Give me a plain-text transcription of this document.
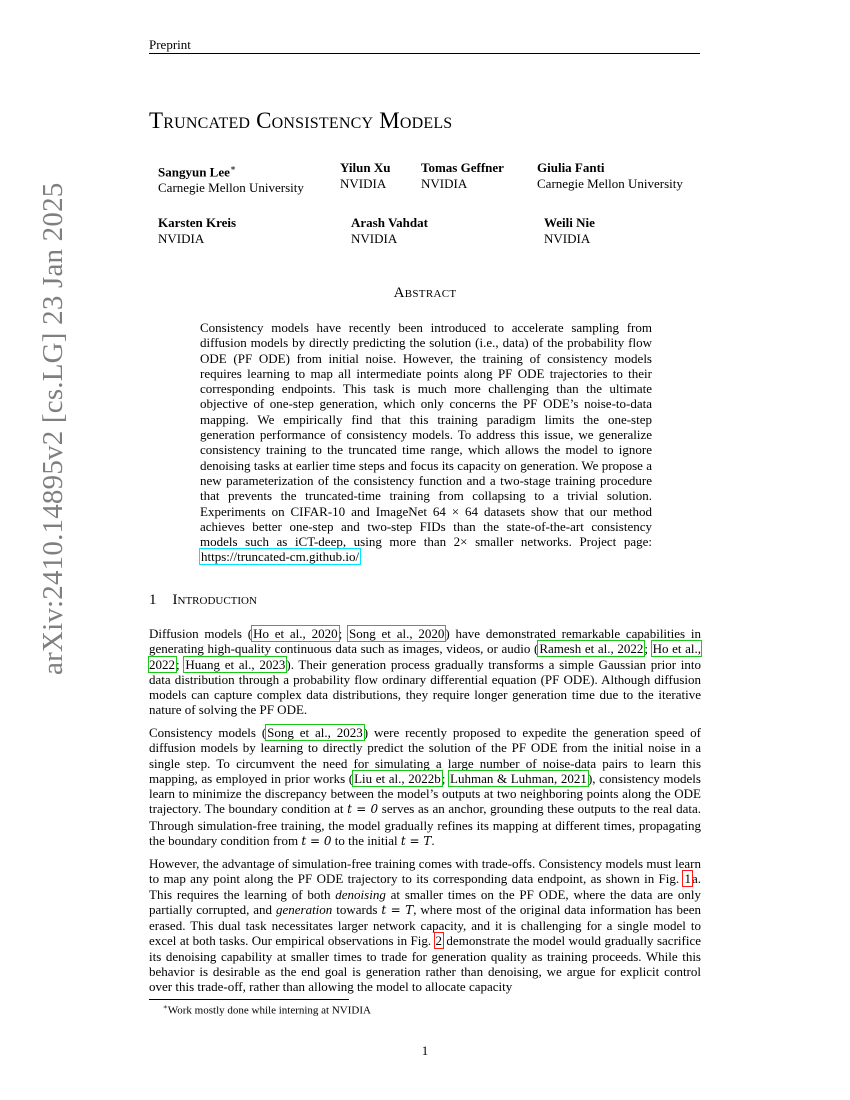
Preprint
Truncated Consistency Models
Sangyun Lee∗
Carnegie Mellon University
Yilun Xu
NVIDIA
Tomas Geffner
NVIDIA
Giulia Fanti
Carnegie Mellon University
Karsten Kreis
NVIDIA
Arash Vahdat
NVIDIA
Weili Nie
NVIDIA
Abstract
Consistency models have recently been introduced to accelerate sampling from diffusion models by directly predicting the solution (i.e., data) of the probability flow ODE (PF ODE) from initial noise. However, the training of consistency models requires learning to map all intermediate points along PF ODE trajectories to their corresponding endpoints. This task is much more challenging than the ultimate objective of one-step generation, which only concerns the PF ODE’s noise-to-data mapping. We empirically find that this training paradigm limits the one-step generation performance of consistency models. To address this issue, we generalize consistency training to the truncated time range, which allows the model to ignore denoising tasks at earlier time steps and focus its capacity on generation. We propose a new parameterization of the consistency function and a two-stage training procedure that prevents the truncated-time training from collapsing to a trivial solution. Experiments on CIFAR-10 and ImageNet 64 × 64 datasets show that our method achieves better one-step and two-step FIDs than the state-of-the-art consistency models such as iCT-deep, using more than 2× smaller networks. Project page: https://truncated-cm.github.io/
1 Introduction
Diffusion models (Ho et al., 2020; Song et al., 2020) have demonstrated remarkable capabilities in generating high-quality continuous data such as images, videos, or audio (Ramesh et al., 2022; Ho et al., 2022; Huang et al., 2023). Their generation process gradually transforms a simple Gaussian prior into data distribution through a probability flow ordinary differential equation (PF ODE). Although diffusion models can capture complex data distributions, they require longer generation time due to the iterative nature of solving the PF ODE.
Consistency models (Song et al., 2023) were recently proposed to expedite the generation speed of diffusion models by learning to directly predict the solution of the PF ODE from the initial noise in a single step. To circumvent the need for simulating a large number of noise-data pairs to learn this mapping, as employed in prior works (Liu et al., 2022b; Luhman & Luhman, 2021), consistency models learn to minimize the discrepancy between the model’s outputs at two neighboring points along the ODE trajectory. The boundary condition at t = 0 serves as an anchor, grounding these outputs to the real data. Through simulation-free training, the model gradually refines its mapping at different times, propagating the boundary condition from t = 0 to the initial t = T.
However, the advantage of simulation-free training comes with trade-offs. Consistency models must learn to map any point along the PF ODE trajectory to its corresponding data endpoint, as shown in Fig. 1a. This requires the learning of both denoising at smaller times on the PF ODE, where the data are only partially corrupted, and generation towards t = T, where most of the original data information has been erased. This dual task necessitates larger network capacity, and it is challenging for a single model to excel at both tasks. Our empirical observations in Fig. 2 demonstrate the model would gradually sacrifice its denoising capability at smaller times to trade for generation quality as training proceeds. While this behavior is desirable as the end goal is generation rather than denoising, we argue for explicit control over this trade-off, rather than allowing the model to allocate capacity
∗Work mostly done while interning at NVIDIA
1
arXiv:2410.14895v2 [cs.LG] 23 Jan 2025
